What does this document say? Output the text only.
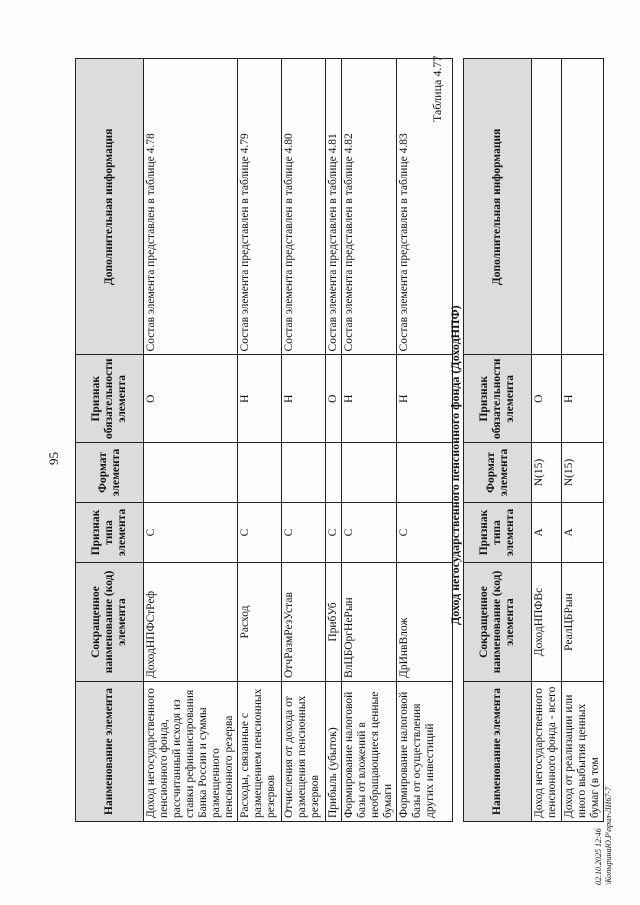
95
Наименование элемента	Сокращенное наименование (код) элемента	Признак типа элемента	Формат элемента	Признак обязательности элемента	Дополнительная информация
Доход негосударственного пенсионного фонда, рассчитанный исходя из ставки рефинансирования Банка России и суммы размещенного пенсионного резерва	ДоходНПФСтРеф	С		О	Состав элемента представлен в таблице 4.78
Расходы, связанные с размещением пенсионных резервов	Расход	С		Н	Состав элемента представлен в таблице 4.79
Отчисления от дохода от размещения пенсионных резервов	ОтчРазмРезУстав	С		Н	Состав элемента представлен в таблице 4.80
Прибыль (убыток)	ПрибУб	С		О	Состав элемента представлен в таблице 4.81
Формирование налоговой базы от вложений в необращающиеся ценные бумаги	ВлЦБОргНеРын	С		Н	Состав элемента представлен в таблице 4.82
Формирование налоговой базы от осуществления других инвестиций	ДрИнвВлож	С		Н	Состав элемента представлен в таблице 4.83
Таблица 4.77
Доход негосударственного пенсионного фонда (ДоходНПФ)
Наименование элемента	Сокращенное наименование (код) элемента	Признак типа элемента	Формат элемента	Признак обязательности элемента	Дополнительная информация
Доход негосударственного пенсионного фонда - всего	ДоходНПФВс	А	N(15)	О	
Доход от реализации или иного выбытия ценных бумаг (в том	РеалЦБРын	А	N(15)	Н	
02.10.2025 12:46 \КопыринаЮ.Р\прил-ЛИ67-7
